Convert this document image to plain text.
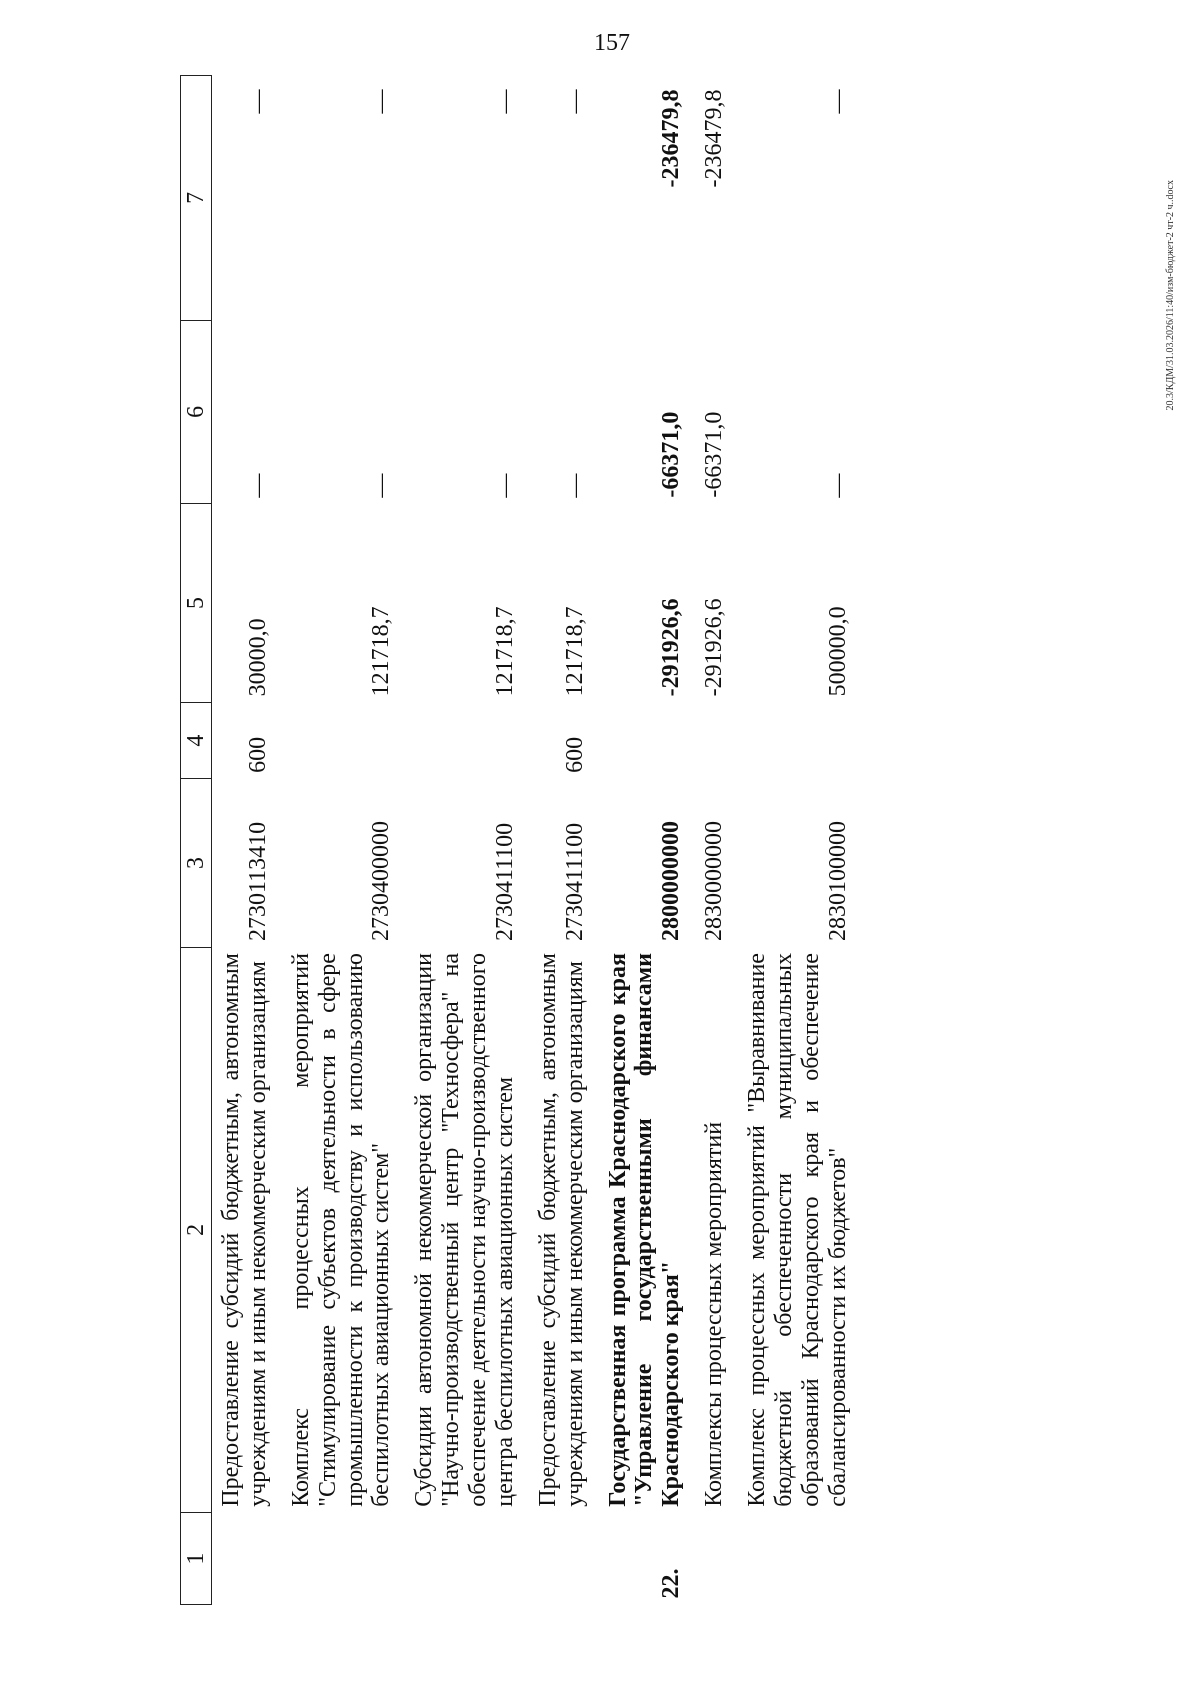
157
20.3/КДМ/31.03.2026/11:40/изм-бюджет-2 чт-2 ч..docx
1	2	3	4	5	6	7
	Предоставление субсидий бюджетным, автономным учреждениям и иным некоммерческим организациям	2730113410	600	30000,0	—	—
	Комплекс процессных мероприятий "Стимулирование субъектов деятельности в сфере промышленности к производству и использованию беспилотных авиационных систем"	2730400000		121718,7	—	—
	Субсидии автономной некоммерческой организации "Научно-производственный центр "Техносфера" на обеспечение деятельности научно-производственного центра беспилотных авиационных систем	2730411100		121718,7	—	—
	Предоставление субсидий бюджетным, автономным учреждениям и иным некоммерческим организациям	2730411100	600	121718,7	—	—
22.	Государственная программа Краснодарского края "Управление государственными финансами Краснодарского края"	2800000000		-291926,6	-66371,0	-236479,8
	Комплексы процессных мероприятий	2830000000		-291926,6	-66371,0	-236479,8
	Комплекс процессных мероприятий "Выравнивание бюджетной обеспеченности муниципальных образований Краснодарского края и обеспечение сбалансированности их бюджетов"	2830100000		500000,0	—	—
